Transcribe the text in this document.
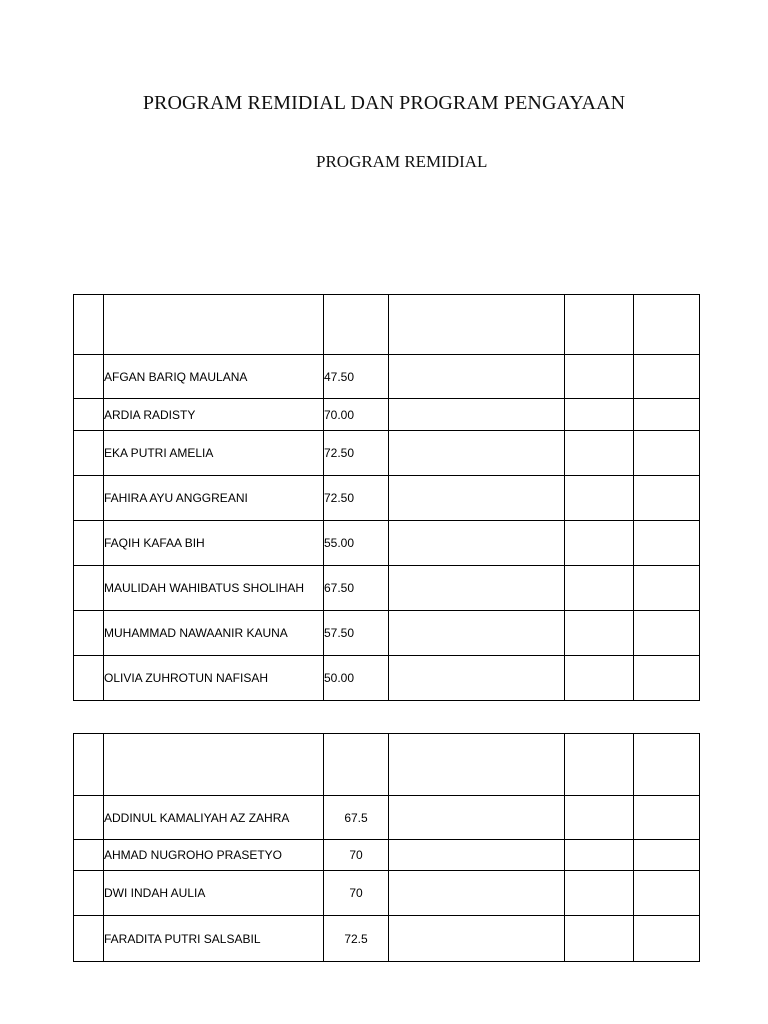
PROGRAM REMIDIAL DAN PROGRAM PENGAYAAN
PROGRAM REMIDIAL

	AFGAN BARIQ MAULANA	47.50			
	ARDIA RADISTY	70.00			
	EKA PUTRI AMELIA	72.50			
	FAHIRA AYU ANGGREANI	72.50			
	FAQIH KAFAA BIH	55.00			
	MAULIDAH WAHIBATUS SHOLIHAH	67.50			
	MUHAMMAD NAWAANIR KAUNA	57.50			
	OLIVIA ZUHROTUN NAFISAH	50.00			

	ADDINUL KAMALIYAH AZ ZAHRA	67.5			
	AHMAD NUGROHO PRASETYO	70			
	DWI INDAH AULIA	70			
	FARADITA PUTRI SALSABIL	72.5			
